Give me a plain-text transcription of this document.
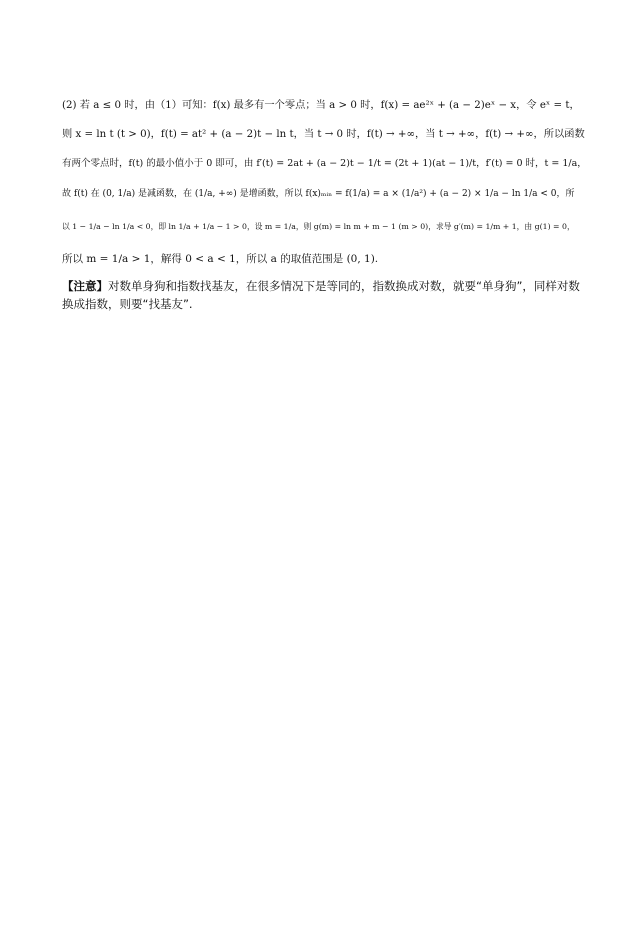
(2) 若 a ≤ 0 时，由（1）可知：f(x) 最多有一个零点；当 a > 0 时，f(x) = ae²ˣ + (a − 2)eˣ − x，令 eˣ = t，
则 x = ln t (t > 0)，f(t) = at² + (a − 2)t − ln t，当 t → 0 时，f(t) → +∞，当 t → +∞，f(t) → +∞，所以函数
有两个零点时，f(t) 的最小值小于 0 即可，由 f′(t) = 2at + (a − 2)t − 1/t = (2t + 1)(at − 1)/t，f′(t) = 0 时，t = 1/a，
故 f(t) 在 (0, 1/a) 是减函数，在 (1/a, +∞) 是增函数，所以 f(x)ₘᵢₙ = f(1/a) = a × (1/a²) + (a − 2) × 1/a − ln 1/a < 0，所
以 1 − 1/a − ln 1/a < 0，即 ln 1/a + 1/a − 1 > 0，设 m = 1/a，则 g(m) = ln m + m − 1 (m > 0)，求导 g′(m) = 1/m + 1，由 g(1) = 0，
所以 m = 1/a > 1，解得 0 < a < 1，所以 a 的取值范围是 (0, 1).
【注意】对数单身狗和指数找基友，在很多情况下是等同的，指数换成对数，就要“单身狗”，同样对数
换成指数，则要“找基友”.
